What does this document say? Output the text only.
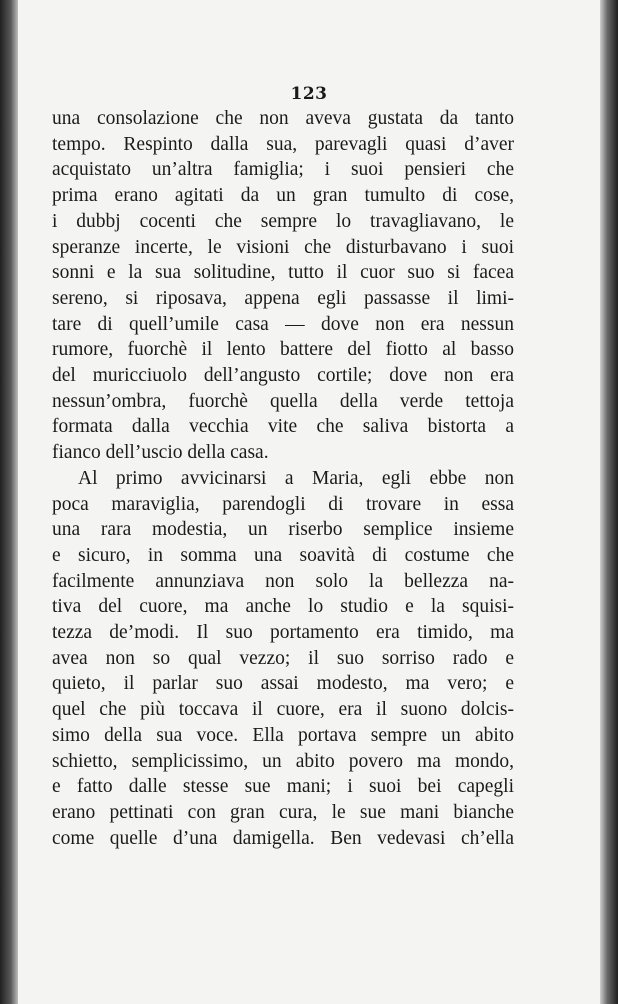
123

una consolazione che non aveva gustata da tanto
tempo. Respinto dalla sua, parevagli quasi d’aver
acquistato un’altra famiglia; i suoi pensieri che
prima erano agitati da un gran tumulto di cose,
i dubbj cocenti che sempre lo travagliavano, le
speranze incerte, le visioni che disturbavano i suoi
sonni e la sua solitudine, tutto il cuor suo si facea
sereno, si riposava, appena egli passasse il limi-
tare di quell’umile casa — dove non era nessun
rumore, fuorchè il lento battere del fiotto al basso
del muricciuolo dell’angusto cortile; dove non era
nessun’ombra, fuorchè quella della verde tettoja
formata dalla vecchia vite che saliva bistorta a
fianco dell’uscio della casa.

Al primo avvicinarsi a Maria, egli ebbe non
poca maraviglia, parendogli di trovare in essa
una rara modestia, un riserbo semplice insieme
e sicuro, in somma una soavità di costume che
facilmente annunziava non solo la bellezza na-
tiva del cuore, ma anche lo studio e la squisi-
tezza de’modi. Il suo portamento era timido, ma
avea non so qual vezzo; il suo sorriso rado e
quieto, il parlar suo assai modesto, ma vero; e
quel che più toccava il cuore, era il suono dolcis-
simo della sua voce. Ella portava sempre un abito
schietto, semplicissimo, un abito povero ma mondo,
e fatto dalle stesse sue mani; i suoi bei capegli
erano pettinati con gran cura, le sue mani bianche
come quelle d’una damigella. Ben vedevasi ch’ella
